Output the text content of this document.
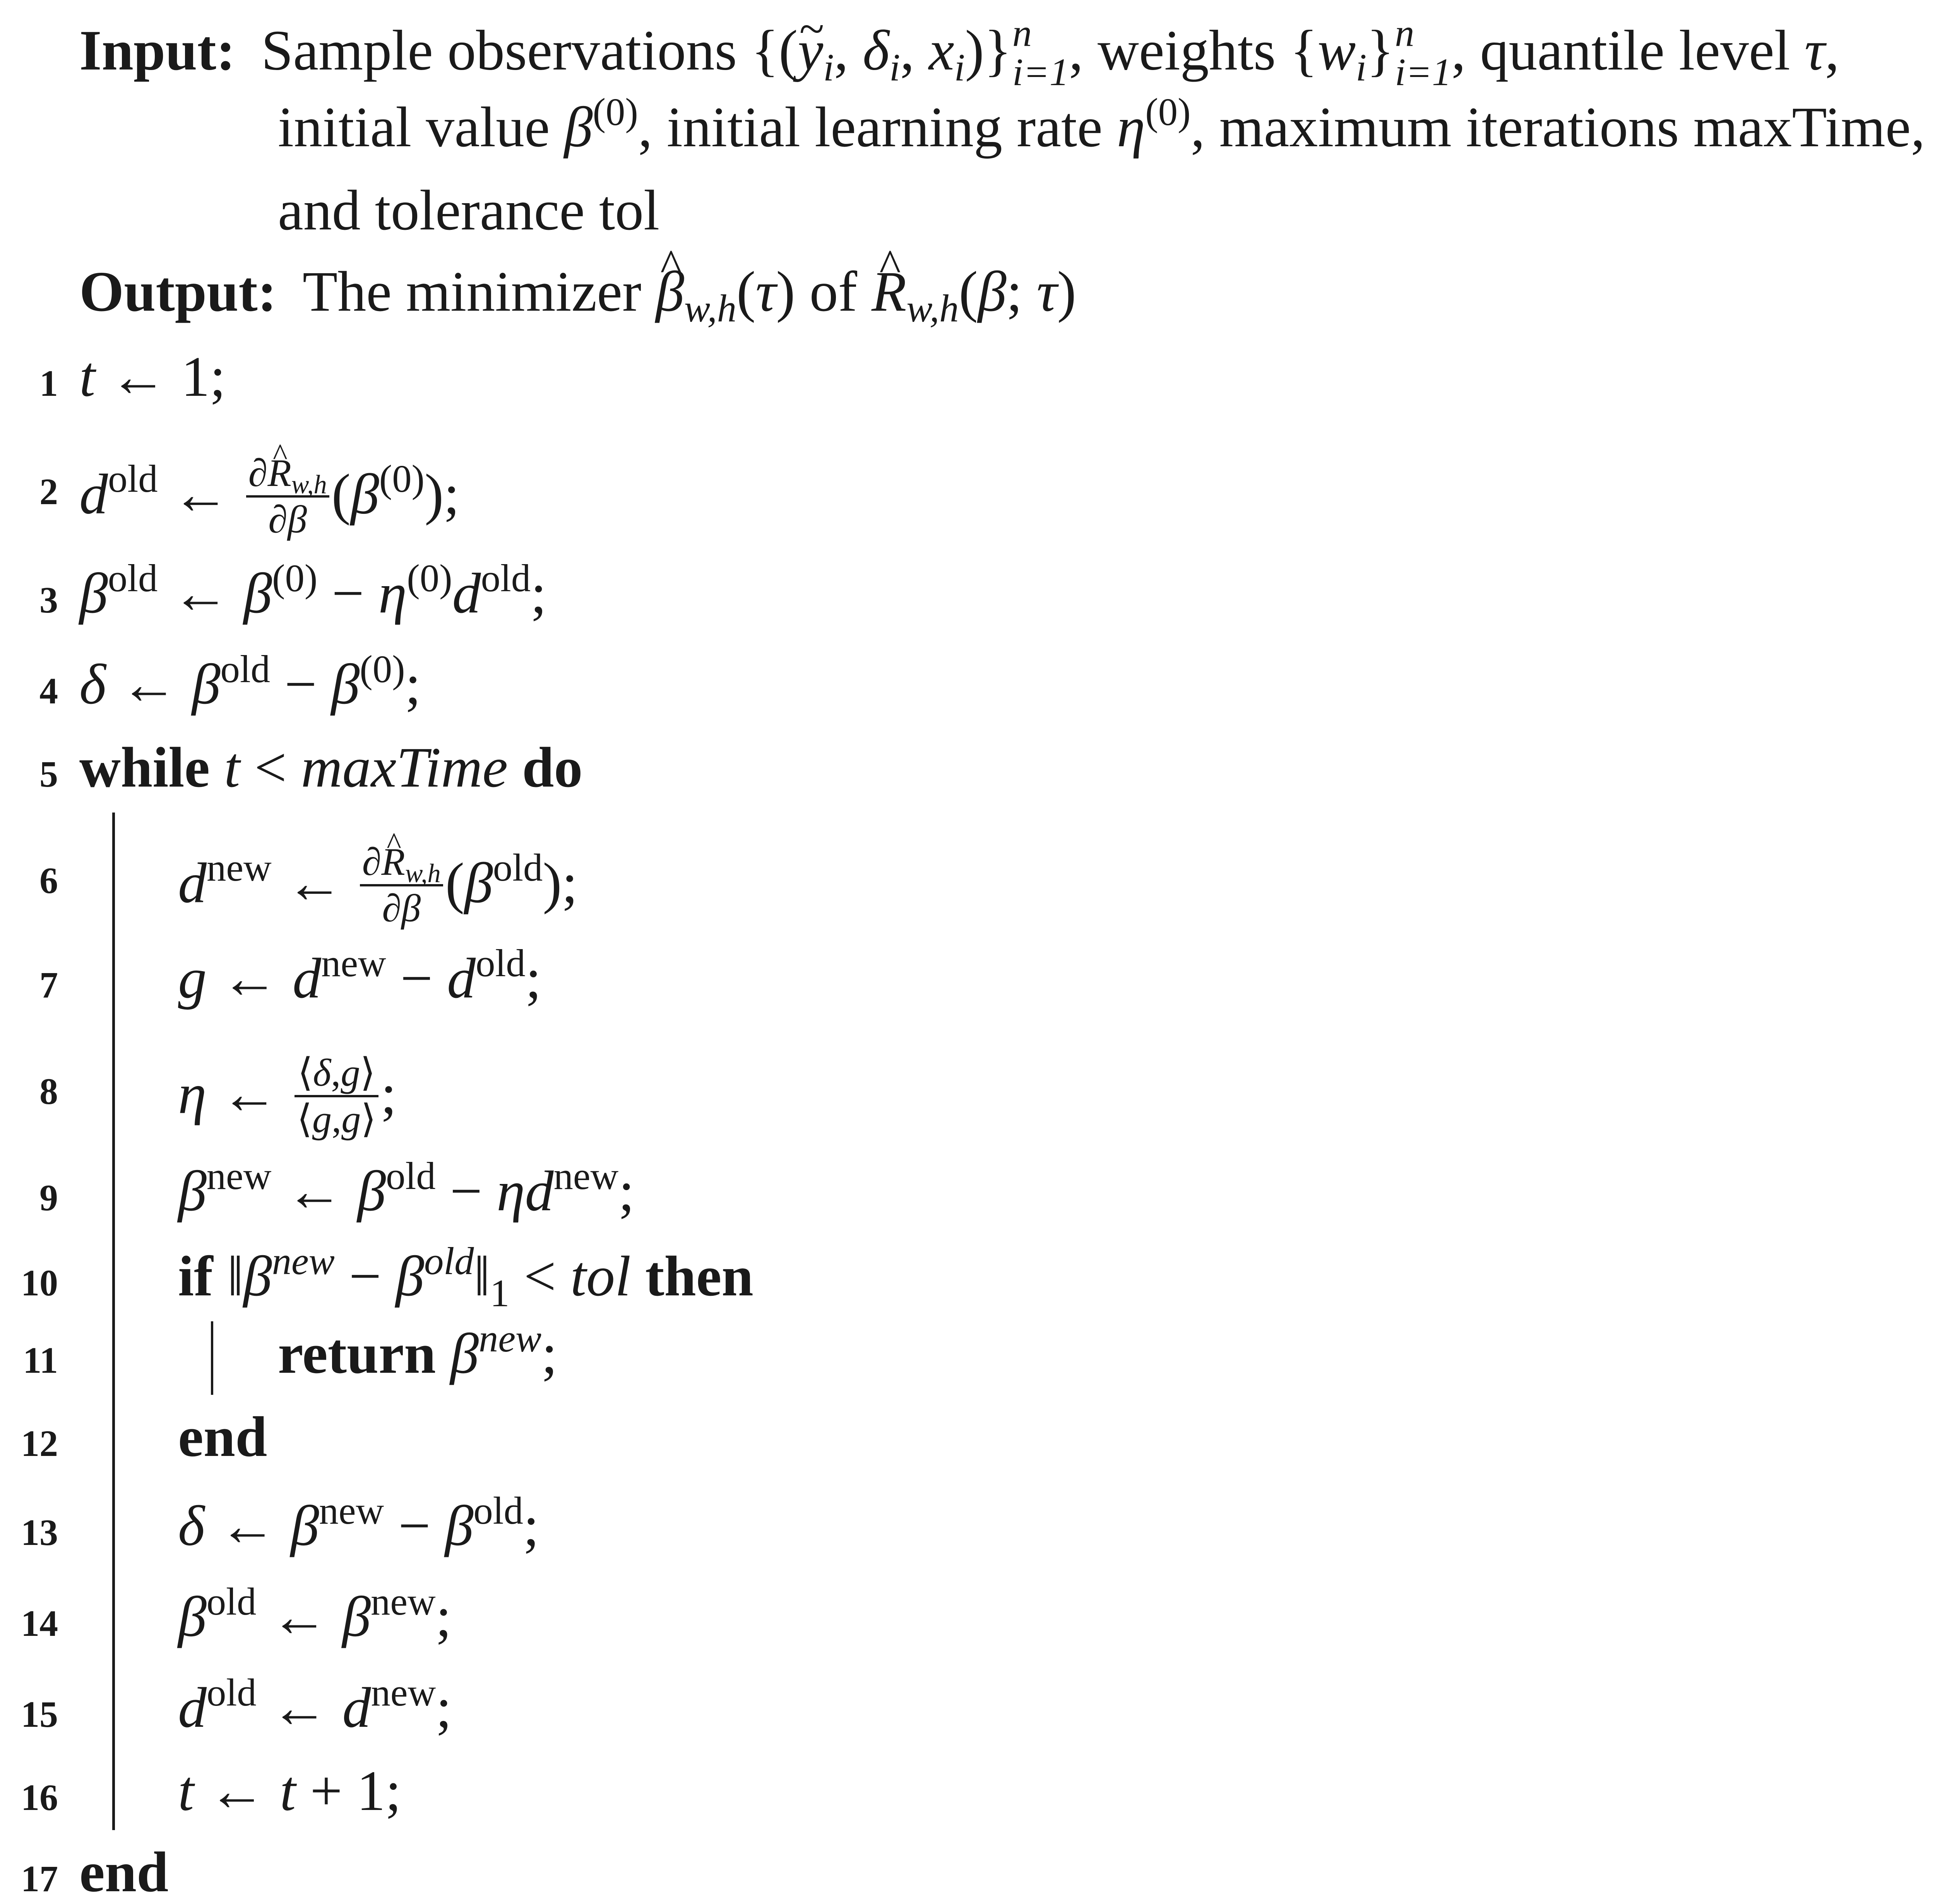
Input: Sample observations {(~ $y_i$, $\delta_i$, $x_i$)} n
i=1 , weights $\{w_i\}$ n
i=1 , quantile level τ,
initial value $\beta^{(0)}$, initial learning rate $\eta^{(0)}$, maximum iterations maxTime,
and tolerance tol
Output: The minimizer ^ $\beta_{w,h}(\tau)$ of ^ $R_{w,h}(\beta$; τ)
1
2
3
4
5
6
7
8
9
10
11
12
13
14
15
16
17
t ← 1;
$d^{old}$ ← $\frac{\partial\^{} R_{w,h}}{\partial\beta} (\beta^{(0)})$;
$\beta^{old}$ ← $\beta^{(0)} - \eta^{(0)}d^{old}$;
δ ← $\beta^{old} - \beta^{(0)}$;
while t < maxTime do
$d^{new}$ ← $\frac{\partial\^{} R_{w,h}}{\partial\beta} (\beta^{old})$;
g ← $d^{new} - d^{old}$;
η ← $\frac{⟨\delta,g⟩}{⟨g,g⟩}$ ;
$\beta^{new}$ ← $\beta^{old} - \eta d^{new}$;
if $‖\beta^{new}$ − $\beta^{old}‖_1$ < tol then
return $\beta^{new}$;
end
δ ← $\beta^{new} - \beta^{old}$;
$\beta^{old}$ ← $\beta^{new}$;
$d^{old}$ ← $d^{new}$;
t ← t + 1;
end
